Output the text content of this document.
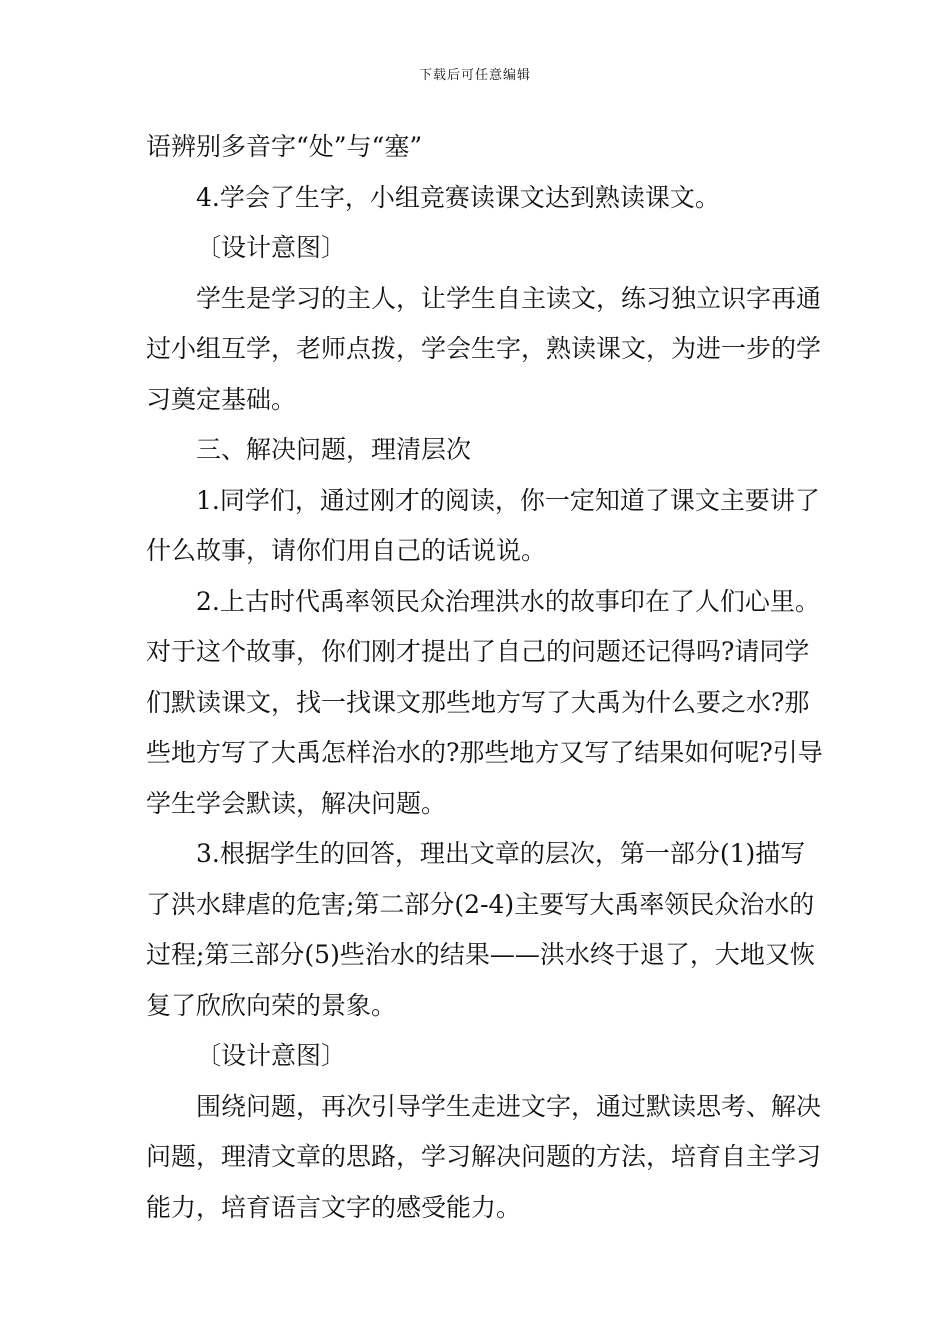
下载后可任意编辑

语辨别多音字“处”与“塞”

4.学会了生字，小组竞赛读课文达到熟读课文。

〔设计意图〕

学生是学习的主人，让学生自主读文，练习独立识字再通过小组互学，老师点拨，学会生字，熟读课文，为进一步的学习奠定基础。

三、解决问题，理清层次

1.同学们，通过刚才的阅读，你一定知道了课文主要讲了什么故事，请你们用自己的话说说。

2.上古时代禹率领民众治理洪水的故事印在了人们心里。对于这个故事，你们刚才提出了自己的问题还记得吗?请同学们默读课文，找一找课文那些地方写了大禹为什么要之水?那些地方写了大禹怎样治水的?那些地方又写了结果如何呢?引导学生学会默读，解决问题。

3.根据学生的回答，理出文章的层次，第一部分(1)描写了洪水肆虐的危害;第二部分(2-4)主要写大禹率领民众治水的过程;第三部分(5)些治水的结果——洪水终于退了，大地又恢复了欣欣向荣的景象。

〔设计意图〕

围绕问题，再次引导学生走进文字，通过默读思考、解决问题，理清文章的思路，学习解决问题的方法，培育自主学习能力，培育语言文字的感受能力。
